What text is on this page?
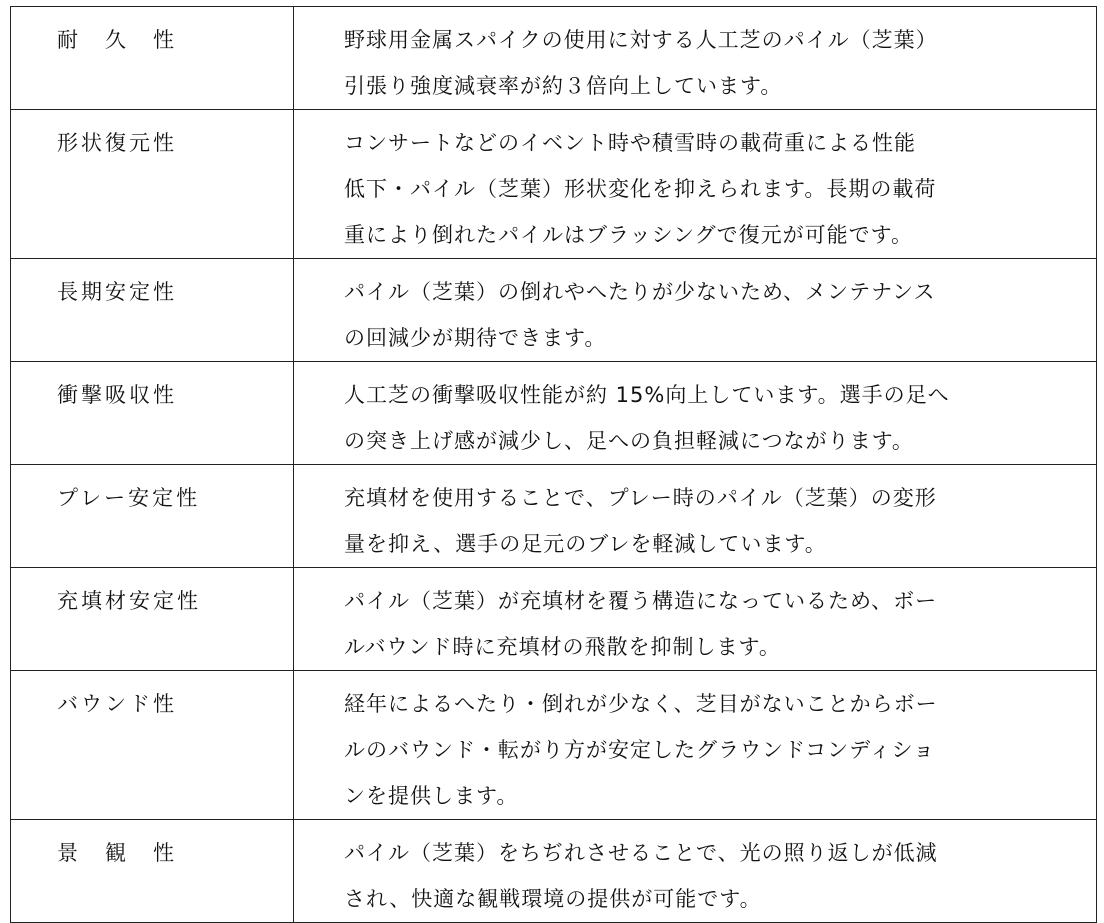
耐　久　性	野球用金属スパイクの使用に対する人工芝のパイル（芝葉）
引張り強度減衰率が約３倍向上しています。

形状復元性	コンサートなどのイベント時や積雪時の載荷重による性能
低下・パイル（芝葉）形状変化を抑えられます。長期の載荷
重により倒れたパイルはブラッシングで復元が可能です。

長期安定性	パイル（芝葉）の倒れやへたりが少ないため、メンテナンス
の回減少が期待できます。

衝撃吸収性	人工芝の衝撃吸収性能が約 15%向上しています。選手の足へ
の突き上げ感が減少し、足への負担軽減につながります。

プレー安定性	充填材を使用することで、プレー時のパイル（芝葉）の変形
量を抑え、選手の足元のブレを軽減しています。

充填材安定性	パイル（芝葉）が充填材を覆う構造になっているため、ボー
ルバウンド時に充填材の飛散を抑制します。

バウンド性	経年によるへたり・倒れが少なく、芝目がないことからボー
ルのバウンド・転がり方が安定したグラウンドコンディショ
ンを提供します。

景　観　性	パイル（芝葉）をちぢれさせることで、光の照り返しが低減
され、快適な観戦環境の提供が可能です。
